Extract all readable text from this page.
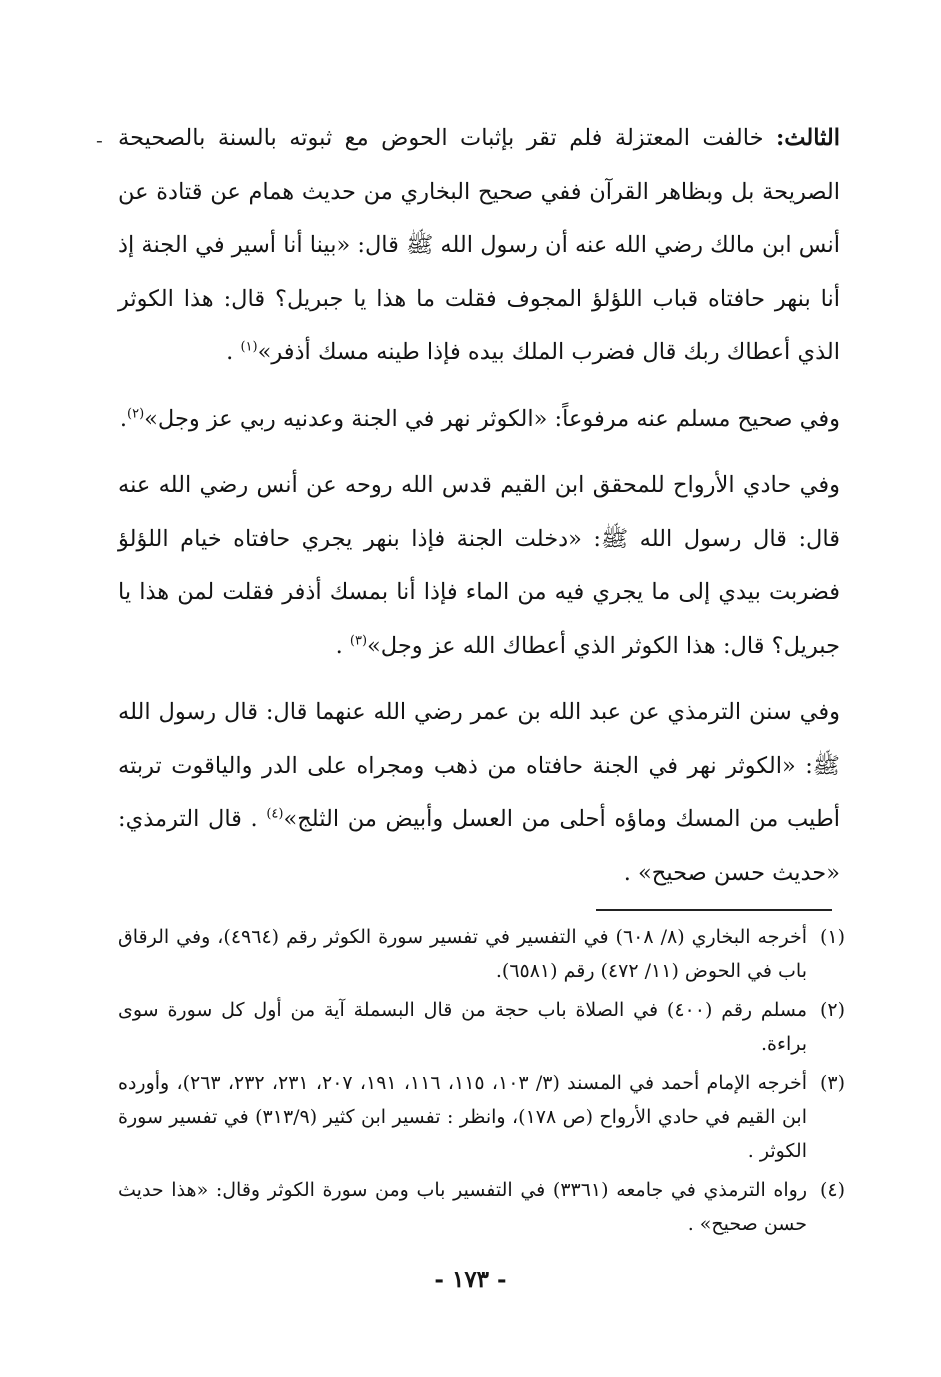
-	الثالث: خالفت المعتزلة فلم تقر بإثبات الحوض مع ثبوته بالسنة بالصحيحة الصريحة بل وبظاهر القرآن ففي صحيح البخاري من حديث همام عن قتادة عن أنس ابن مالك رضي الله عنه أن رسول الله ﷺ قال: «بينا أنا أسير في الجنة إذ أنا بنهر حافتاه قباب اللؤلؤ المجوف فقلت ما هذا يا جبريل؟ قال: هذا الكوثر الذي أعطاك ربك قال فضرب الملك بيده فإذا طينه مسك أذفر»$^{(١)}$ .

وفي صحيح مسلم عنه مرفوعاً: «الكوثر نهر في الجنة وعدنيه ربي عز وجل»$^{(٢)}$.

وفي حادي الأرواح للمحقق ابن القيم قدس الله روحه عن أنس رضي الله عنه قال: قال رسول الله ﷺ: «دخلت الجنة فإذا بنهر يجري حافتاه خيام اللؤلؤ فضربت بيدي إلى ما يجري فيه من الماء فإذا أنا بمسك أذفر فقلت لمن هذا يا جبريل؟ قال: هذا الكوثر الذي أعطاك الله عز وجل»$^{(٣)}$ .

وفي سنن الترمذي عن عبد الله بن عمر رضي الله عنهما قال: قال رسول الله ﷺ: «الكوثر نهر في الجنة حافتاه من ذهب ومجراه على الدر والياقوت تربته أطيب من المسك وماؤه أحلى من العسل وأبيض من الثلج»$^{(٤)}$ . قال الترمذي: «حديث حسن صحيح» .

(١)
أخرجه البخاري (٨/ ٦٠٨) في التفسير في تفسير سورة الكوثر رقم (٤٩٦٤)، وفي الرقاق باب في الحوض (١١/ ٤٧٢) رقم (٦٥٨١).
(٢)
مسلم رقم (٤٠٠) في الصلاة باب حجة من قال البسملة آية من أول كل سورة سوى براءة.
(٣)
أخرجه الإمام أحمد في المسند (٣/ ١٠٣، ١١٥، ١١٦، ١٩١، ٢٠٧، ٢٣١، ٢٣٢، ٢٦٣)، وأورده ابن القيم في حادي الأرواح (ص ١٧٨)، وانظر : تفسير ابن كثير (٣١٣/٩) في تفسير سورة الكوثر .
(٤)
رواه الترمذي في جامعه (٣٣٦١) في التفسير باب ومن سورة الكوثر وقال: «هذا حديث حسن صحيح» .
- ١٧٣ -
